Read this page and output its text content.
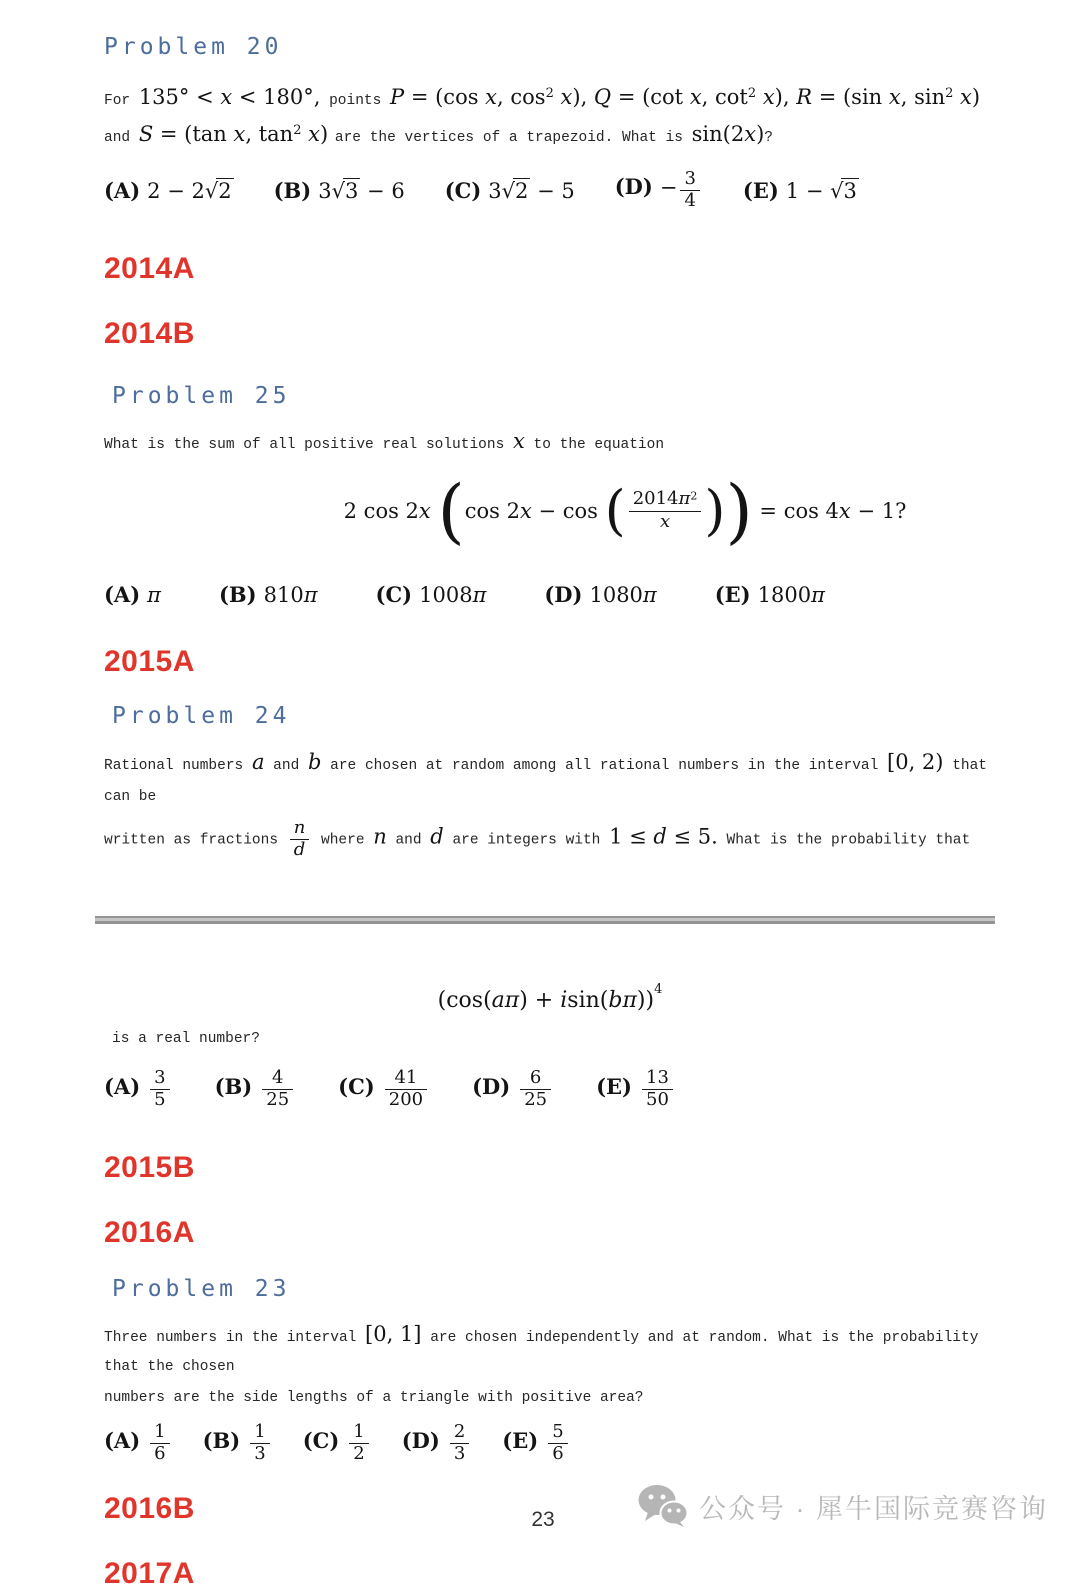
Problem 20
For 135° < x < 180°, points P = (cos x, $\cos^2 x$), Q = (cot x, $\cot^2 x$), R = (sin x, $\sin^2 x$)
and S = (tan x, $\tan^2 x$) are the vertices of a trapezoid. What is sin(2x)?
(A) 2 − 2√2 (B) 3√3 − 6 (C) 3√2 − 5 $(D) - \frac{3}{4} (E) 1 - √3$
2014A
2014B
Problem 25
What is the sum of all positive real solutions x to the equation
2 cos 2x (cos 2x − cos ( $\frac{2014\pi^2}{x}$ )) = cos 4x − 1?
(A) π	(B) 810π	(C) 1008π	(D) 1080π	(E) 1800π
2015A
Problem 24
Rational numbers a and b are chosen at random among all rational numbers in the interval [0, 2) that can be
written as fractions $\frac{n}{d}$ where n and d are integers with 1 ≤ d ≤ 5. What is the probability that
$(\cos(a\pi) + isin(b\pi))^4$
is a real number?
$(A) \frac{3}{5} (B) \frac{4}{25} (C) \frac{41}{200} (D) \frac{6}{25} (E) \frac{13}{50}$
2015B
2016A
Problem 23
Three numbers in the interval [0, 1] are chosen independently and at random. What is the probability that the chosen
numbers are the side lengths of a triangle with positive area?
$(A) \frac{1}{6} (B) \frac{1}{3} (C) \frac{1}{2} (D) \frac{2}{3} (E) \frac{5}{6}$
2016B
2017A
23	公众号 · 犀牛国际竞赛咨询
